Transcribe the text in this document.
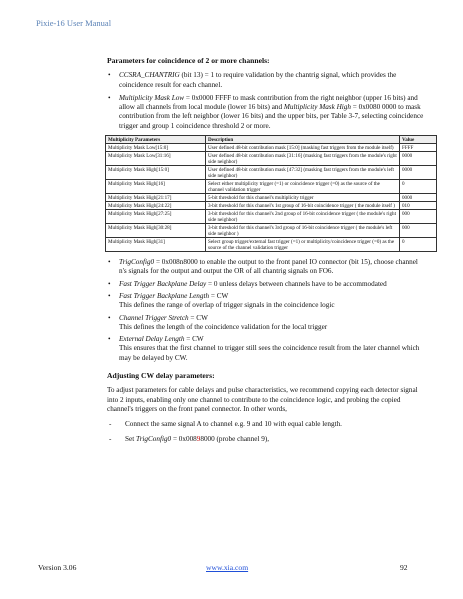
Pixie-16 User Manual
Parameters for coincidence of 2 or more channels:
• CCSRA_CHANTRIG (bit 13) = 1 to require validation by the chantrig signal, which provides the coincidence result for each channel.
• Multiplicity Mask Low = 0x0000 FFFF to mask contribution from the right neighbor (upper 16 bits) and allow all channels from local module (lower 16 bits) and Multiplicity Mask High = 0x0080 0000 to mask contribution from the left neighbor (lower 16 bits) and the upper bits, per Table 3-7, selecting coincidence trigger and group 1 coincidence threshold 2 or more.
Multiplicity Parameters	Description	Value
Multiplicity Mask Low[15:0]	User defined 48-bit contribution mask [15:0] (masking fast triggers from the module itself)	FFFF
Multiplicity Mask Low[31:16]	User defined 48-bit contribution mask [31:16] (masking fast triggers from the module's right side neighbor)	0000
Multiplicity Mask High[15:0]	User defined 48-bit contribution mask [47:32] (masking fast triggers from the module's left side neighbor)	0000
Multiplicity Mask High[16]	Select either multiplicity trigger (=1) or coincidence trigger (=0) as the source of the channel validation trigger	0
Multiplicity Mask High[21:17]	5-bit threshold for this channel's multiplicity trigger	0000
Multiplicity Mask High[24:22]	3-bit threshold for this channel's 1st group of 16-bit coincidence trigger ( the module itself )	010
Multiplicity Mask High[27:25]	3-bit threshold for this channel's 2nd group of 16-bit coincidence trigger ( the module's right side neighbor)	000
Multiplicity Mask High[30:28]	3-bit threshold for this channel's 3rd group of 16-bit coincidence trigger ( the module's left side neighbor )	000
Multiplicity Mask High[31]	Select group trigger/external fast trigger (=1) or multiplicity/coincidence trigger (=0) as the source of the channel validation trigger	0
• TrigConfig0 = 0x008n8000 to enable the output to the front panel IO connector (bit 15), choose channel n's signals for the output and output the OR of all chantrig signals on FO6.
• Fast Trigger Backplane Delay = 0 unless delays between channels have to be accommodated
• Fast Trigger Backplane Length = CW
This defines the range of overlap of trigger signals in the coincidence logic
• Channel Trigger Stretch = CW
This defines the length of the coincidence validation for the local trigger
• External Delay Length = CW
This ensures that the first channel to trigger still sees the coincidence result from the later channel which may be delayed by CW.
Adjusting CW delay parameters:

To adjust parameters for cable delays and pulse characteristics, we recommend copying each detector signal into 2 inputs, enabling only one channel to contribute to the coincidence logic, and probing the copied channel's triggers on the front panel connector. In other words,

- Connect the same signal A to channel e.g. 9 and 10 with equal cable length.
- Set TrigConfig0 = 0x00898000 (probe channel 9),
Version 3.06	www.xia.com	92
